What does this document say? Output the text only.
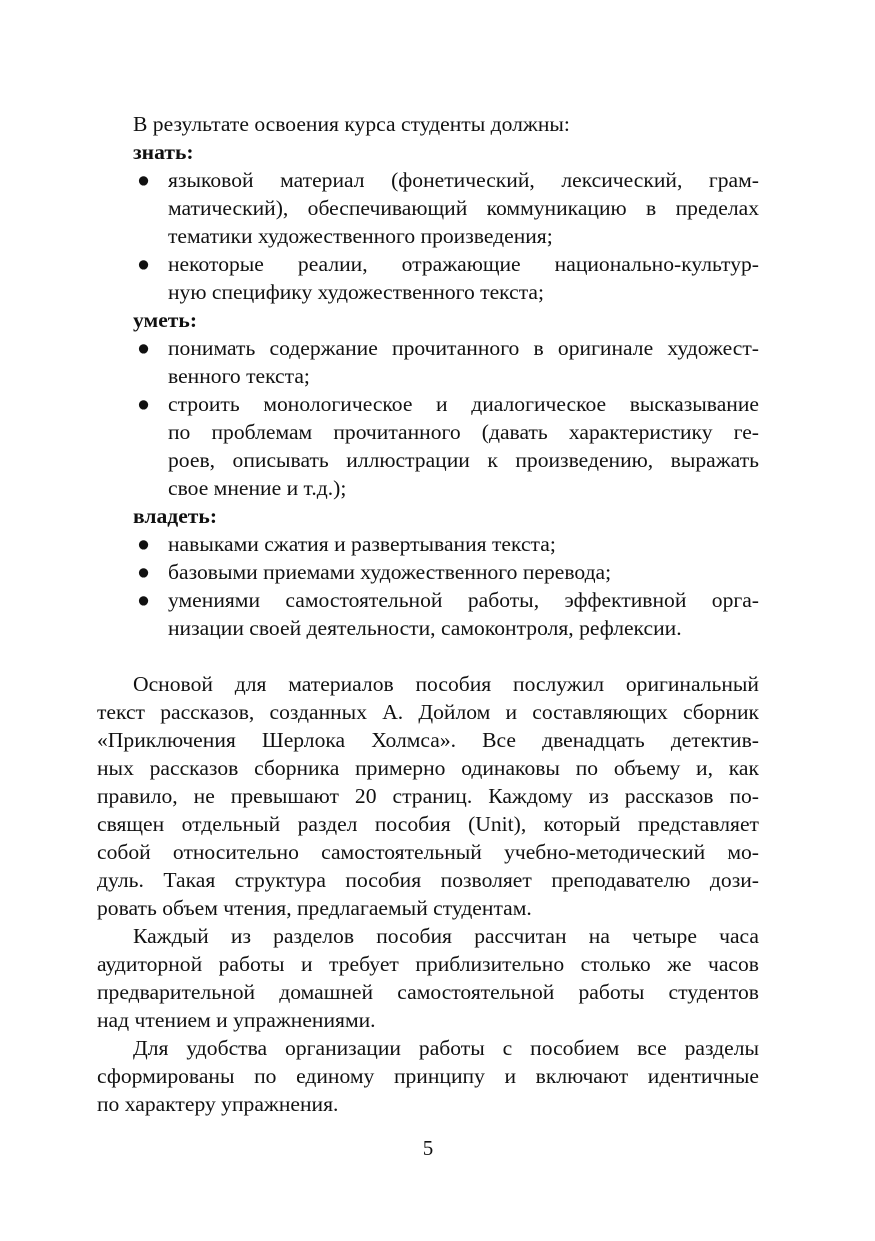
В результате освоения курса студенты должны:
знать:
● языковой материал (фонетический, лексический, грам-
матический), обеспечивающий коммуникацию в пределах
тематики художественного произведения;
● некоторые реалии, отражающие национально-культур-
ную специфику художественного текста;
уметь:
● понимать содержание прочитанного в оригинале художест-
венного текста;
● строить монологическое и диалогическое высказывание
по проблемам прочитанного (давать характеристику ге-
роев, описывать иллюстрации к произведению, выражать
свое мнение и т.д.);
владеть:
● навыками сжатия и развертывания текста;
● базовыми приемами художественного перевода;
● умениями самостоятельной работы, эффективной орга-
низации своей деятельности, самоконтроля, рефлексии.
Основой для материалов пособия послужил оригинальный
текст рассказов, созданных А. Дойлом и составляющих сборник
«Приключения Шерлока Холмса». Все двенадцать детектив-
ных рассказов сборника примерно одинаковы по объему и, как
правило, не превышают 20 страниц. Каждому из рассказов по-
священ отдельный раздел пособия (Unit), который представляет
собой относительно самостоятельный учебно-методический мо-
дуль. Такая структура пособия позволяет преподавателю дози-
ровать объем чтения, предлагаемый студентам.
Каждый из разделов пособия рассчитан на четыре часа
аудиторной работы и требует приблизительно столько же часов
предварительной домашней самостоятельной работы студентов
над чтением и упражнениями.
Для удобства организации работы с пособием все разделы
сформированы по единому принципу и включают идентичные
по характеру упражнения.
5
